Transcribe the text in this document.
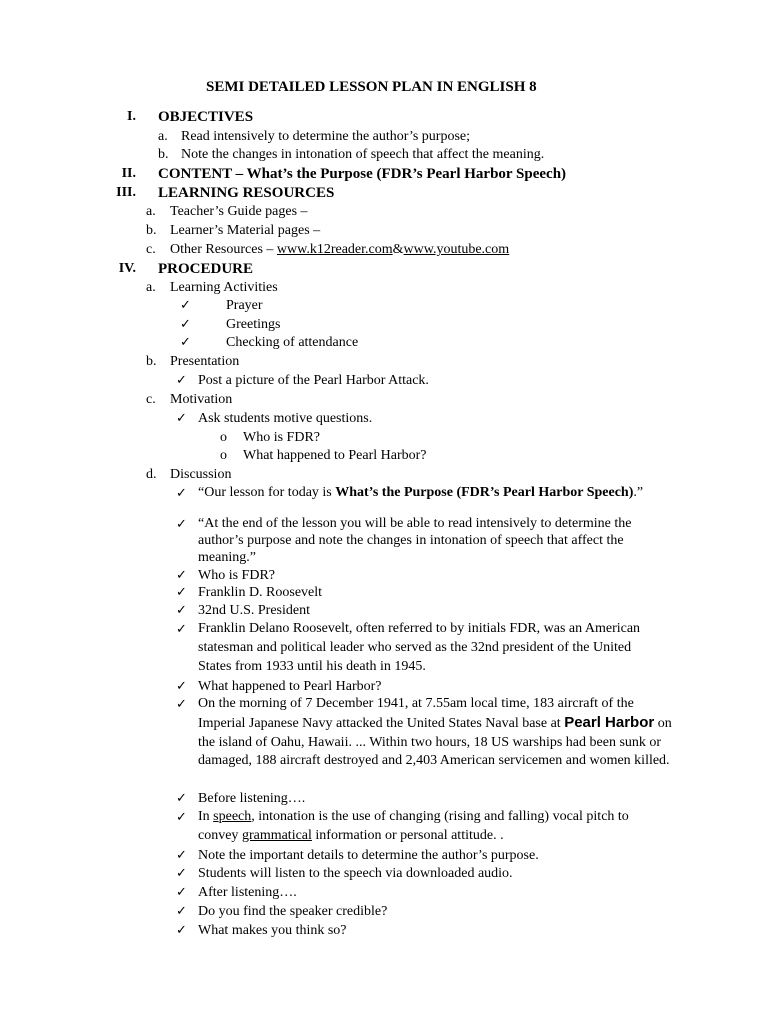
SEMI DETAILED LESSON PLAN IN ENGLISH 8
I. OBJECTIVES
a. Read intensively to determine the author’s purpose;
b. Note the changes in intonation of speech that affect the meaning.
II. CONTENT – What’s the Purpose (FDR’s Pearl Harbor Speech)
III. LEARNING RESOURCES
a. Teacher’s Guide pages –
b. Learner’s Material pages –
c. Other Resources – www.k12reader.com&www.youtube.com
IV. PROCEDURE
a. Learning Activities
✓	Prayer
✓	Greetings
✓	Checking of attendance
b. Presentation
✓ Post a picture of the Pearl Harbor Attack.
c. Motivation
✓ Ask students motive questions.
o Who is FDR?
o What happened to Pearl Harbor?
d. Discussion
✓ “Our lesson for today is What’s the Purpose (FDR’s Pearl Harbor Speech).”
✓ “At the end of the lesson you will be able to read intensively to determine the author’s purpose and note the changes in intonation of speech that affect the meaning.”
✓ Who is FDR?
✓ Franklin D. Roosevelt
✓ 32nd U.S. President
✓ Franklin Delano Roosevelt, often referred to by initials FDR, was an American statesman and political leader who served as the 32nd president of the United States from 1933 until his death in 1945.
✓ What happened to Pearl Harbor?
✓ On the morning of 7 December 1941, at 7.55am local time, 183 aircraft of the Imperial Japanese Navy attacked the United States Naval base at Pearl Harbor on the island of Oahu, Hawaii. ... Within two hours, 18 US warships had been sunk or damaged, 188 aircraft destroyed and 2,403 American servicemen and women killed.
✓ Before listening….
✓ In speech, intonation is the use of changing (rising and falling) vocal pitch to convey grammatical information or personal attitude. .
✓ Note the important details to determine the author’s purpose.
✓ Students will listen to the speech via downloaded audio.
✓ After listening….
✓ Do you find the speaker credible?
✓ What makes you think so?
